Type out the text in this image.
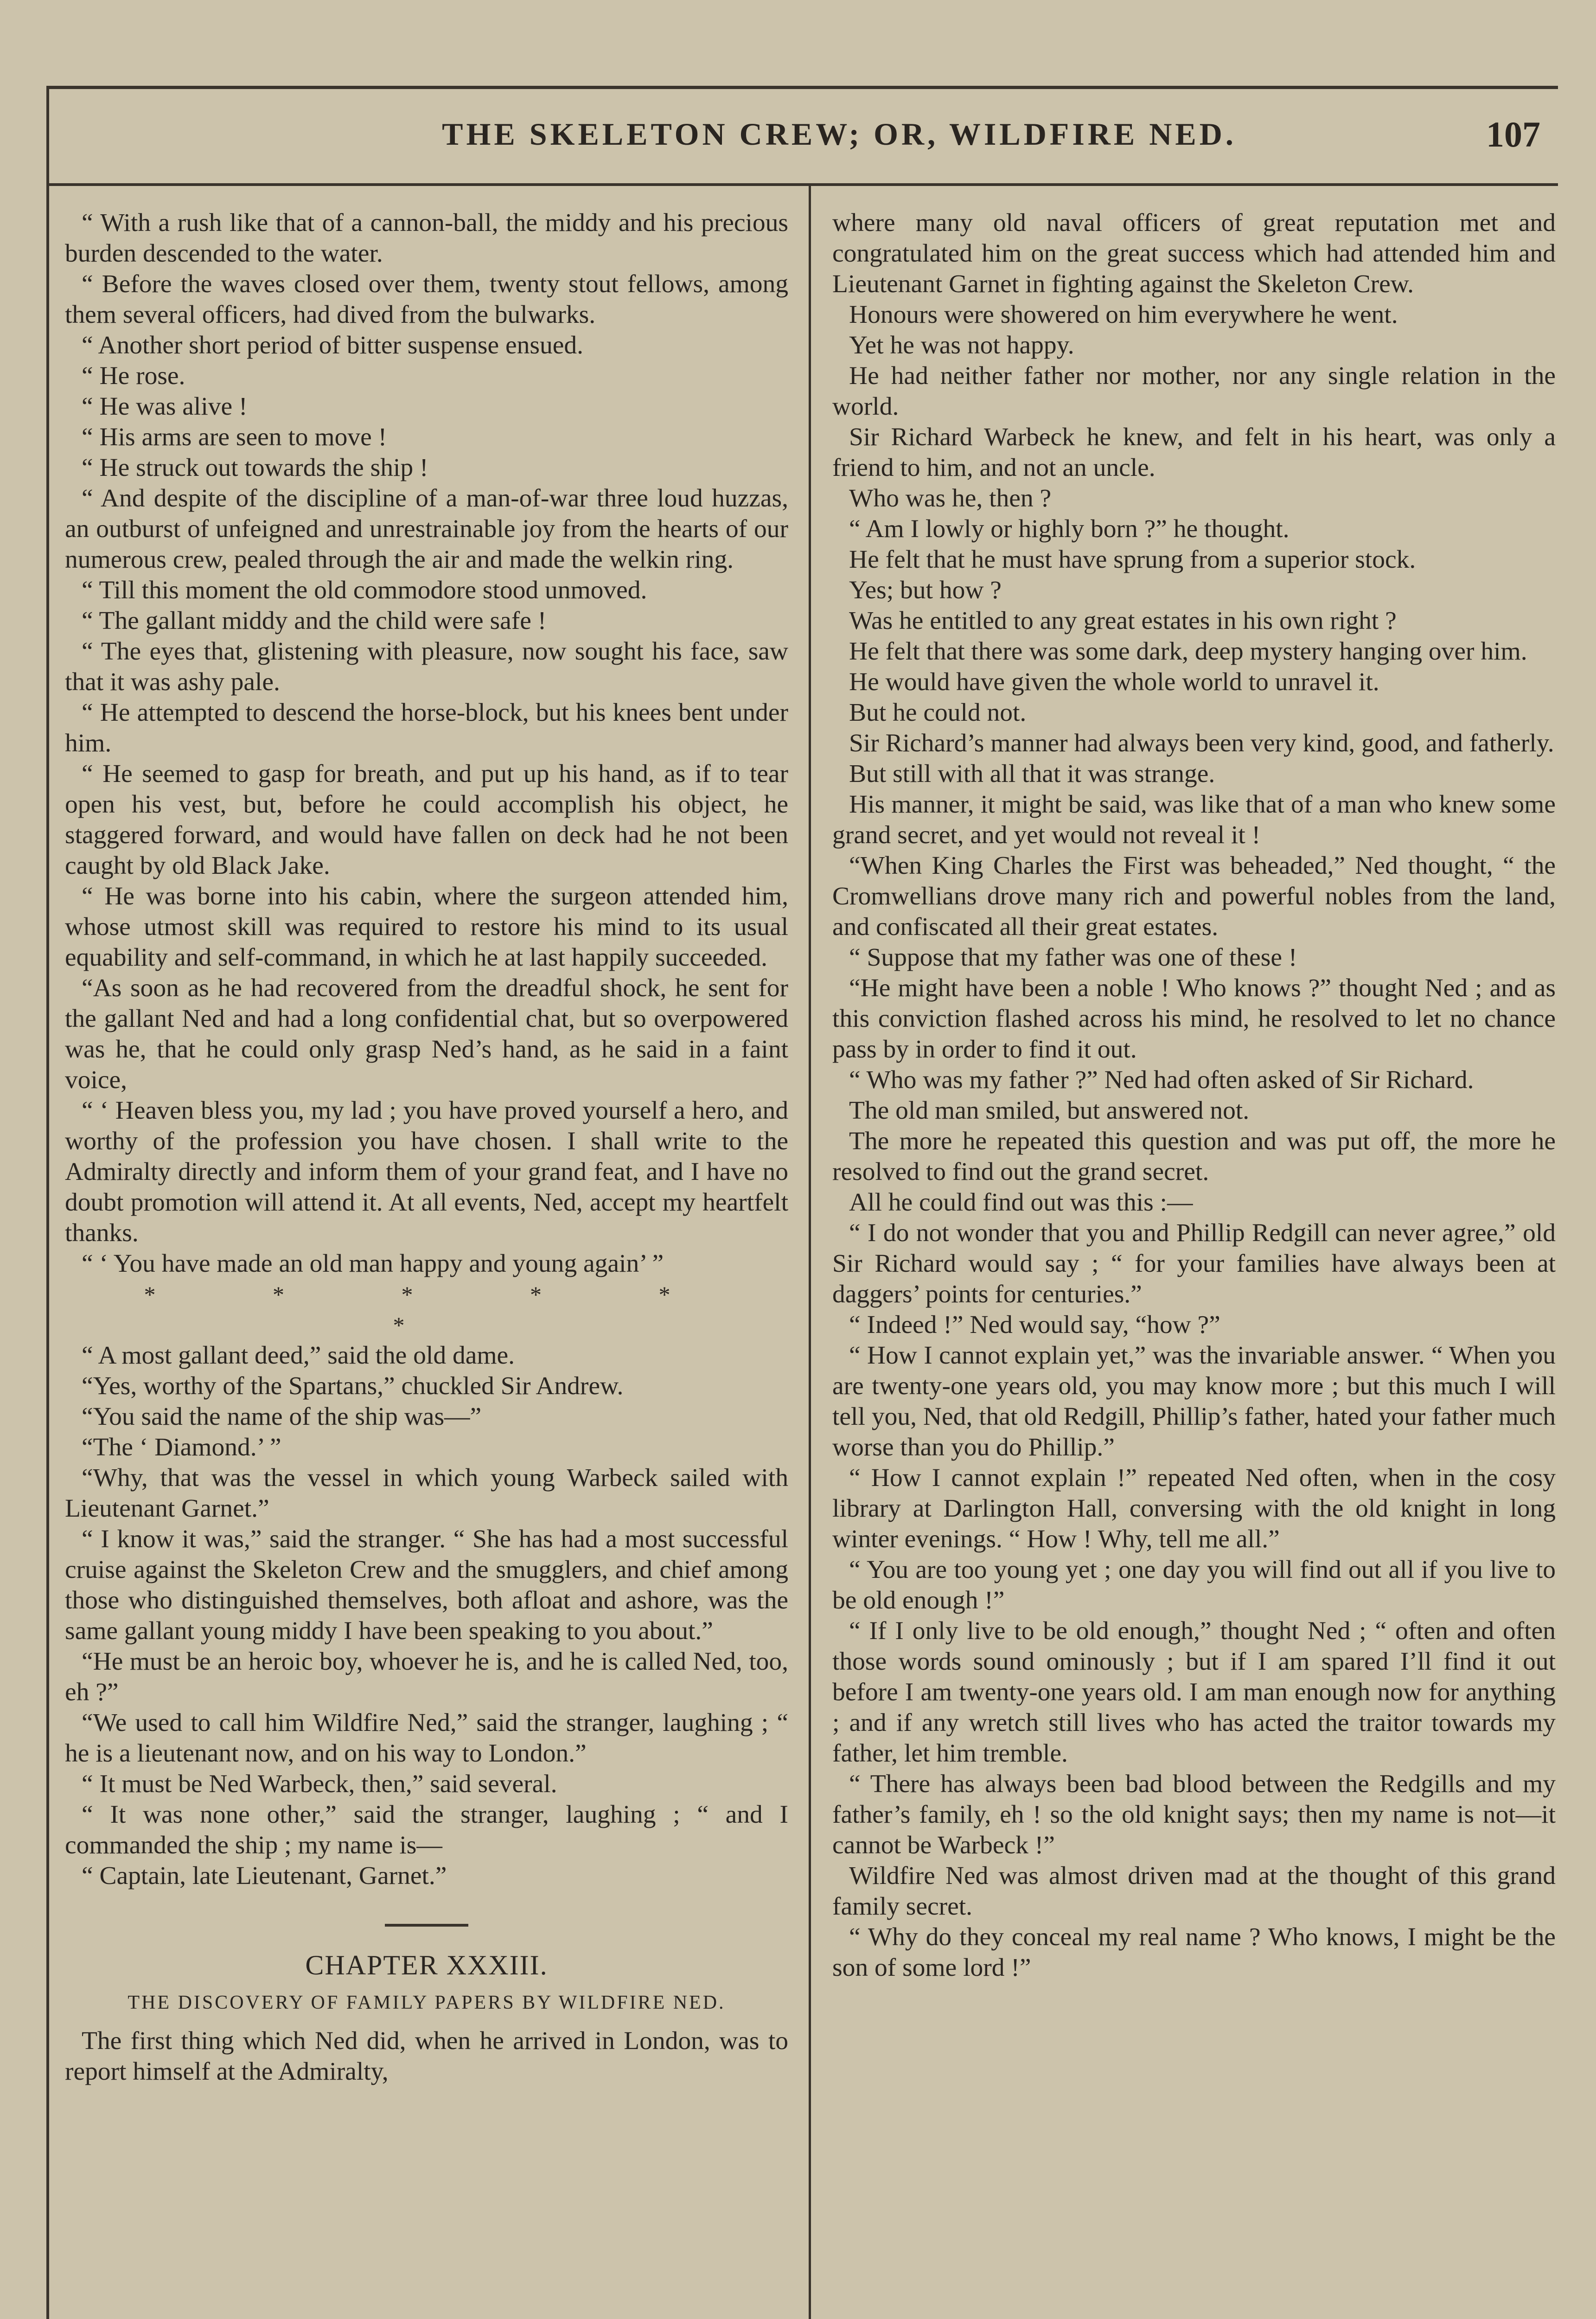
THE SKELETON CREW; OR, WILDFIRE NED.	107

“ With a rush like that of a cannon-ball, the middy and his precious burden descended to the water.

“ Before the waves closed over them, twenty stout fellows, among them several officers, had dived from the bulwarks.

“ Another short period of bitter suspense ensued.

“ He rose.

“ He was alive !

“ His arms are seen to move !

“ He struck out towards the ship !

“ And despite of the discipline of a man-of-war three loud huzzas, an outburst of unfeigned and unrestrainable joy from the hearts of our numerous crew, pealed through the air and made the welkin ring.

“ Till this moment the old commodore stood unmoved.

“ The gallant middy and the child were safe !

“ The eyes that, glistening with pleasure, now sought his face, saw that it was ashy pale.

“ He attempted to descend the horse-block, but his knees bent under him.

“ He seemed to gasp for breath, and put up his hand, as if to tear open his vest, but, before he could accomplish his object, he staggered forward, and would have fallen on deck had he not been caught by old Black Jake.

“ He was borne into his cabin, where the surgeon attended him, whose utmost skill was required to restore his mind to its usual equability and self-command, in which he at last happily succeeded.

“As soon as he had recovered from the dreadful shock, he sent for the gallant Ned and had a long confidential chat, but so overpowered was he, that he could only grasp Ned’s hand, as he said in a faint voice,

“ ‘ Heaven bless you, my lad ; you have proved yourself a hero, and worthy of the profession you have chosen. I shall write to the Admiralty directly and inform them of your grand feat, and I have no doubt promotion will attend it. At all events, Ned, accept my heartfelt thanks.

“ ‘ You have made an old man happy and young again’ ”

* * * * * *

“ A most gallant deed,” said the old dame.

“Yes, worthy of the Spartans,” chuckled Sir Andrew.

“You said the name of the ship was—”

“The ‘ Diamond.’ ”

“Why, that was the vessel in which young Warbeck sailed with Lieutenant Garnet.”

“ I know it was,” said the stranger. “ She has had a most successful cruise against the Skeleton Crew and the smugglers, and chief among those who distinguished themselves, both afloat and ashore, was the same gallant young middy I have been speaking to you about.”

“He must be an heroic boy, whoever he is, and he is called Ned, too, eh ?”

“We used to call him Wildfire Ned,” said the stranger, laughing ; “ he is a lieutenant now, and on his way to London.”

“ It must be Ned Warbeck, then,” said several.

“ It was none other,” said the stranger, laughing ; “ and I commanded the ship ; my name is—

“ Captain, late Lieutenant, Garnet.”

CHAPTER XXXIII.
THE DISCOVERY OF FAMILY PAPERS BY WILDFIRE NED.

The first thing which Ned did, when he arrived in London, was to report himself at the Admiralty,

where many old naval officers of great reputation met and congratulated him on the great success which had attended him and Lieutenant Garnet in fighting against the Skeleton Crew.

Honours were showered on him everywhere he went.

Yet he was not happy.

He had neither father nor mother, nor any single relation in the world.

Sir Richard Warbeck he knew, and felt in his heart, was only a friend to him, and not an uncle.

Who was he, then ?

“ Am I lowly or highly born ?” he thought.

He felt that he must have sprung from a superior stock.

Yes; but how ?

Was he entitled to any great estates in his own right ?

He felt that there was some dark, deep mystery hanging over him.

He would have given the whole world to unravel it.

But he could not.

Sir Richard’s manner had always been very kind, good, and fatherly.

But still with all that it was strange.

His manner, it might be said, was like that of a man who knew some grand secret, and yet would not reveal it !

“When King Charles the First was beheaded,” Ned thought, “ the Cromwellians drove many rich and powerful nobles from the land, and confiscated all their great estates.

“ Suppose that my father was one of these !

“He might have been a noble ! Who knows ?” thought Ned ; and as this conviction flashed across his mind, he resolved to let no chance pass by in order to find it out.

“ Who was my father ?” Ned had often asked of Sir Richard.

The old man smiled, but answered not.

The more he repeated this question and was put off, the more he resolved to find out the grand secret.

All he could find out was this :—

“ I do not wonder that you and Phillip Redgill can never agree,” old Sir Richard would say ; “ for your families have always been at daggers’ points for centuries.”

“ Indeed !” Ned would say, “how ?”

“ How I cannot explain yet,” was the invariable answer. “ When you are twenty-one years old, you may know more ; but this much I will tell you, Ned, that old Redgill, Phillip’s father, hated your father much worse than you do Phillip.”

“ How I cannot explain !” repeated Ned often, when in the cosy library at Darlington Hall, conversing with the old knight in long winter evenings. “ How ! Why, tell me all.”

“ You are too young yet ; one day you will find out all if you live to be old enough !”

“ If I only live to be old enough,” thought Ned ; “ often and often those words sound ominously ; but if I am spared I’ll find it out before I am twenty-one years old. I am man enough now for anything ; and if any wretch still lives who has acted the traitor towards my father, let him tremble.

“ There has always been bad blood between the Redgills and my father’s family, eh ! so the old knight says; then my name is not—it cannot be Warbeck !”

Wildfire Ned was almost driven mad at the thought of this grand family secret.

“ Why do they conceal my real name ? Who knows, I might be the son of some lord !”
